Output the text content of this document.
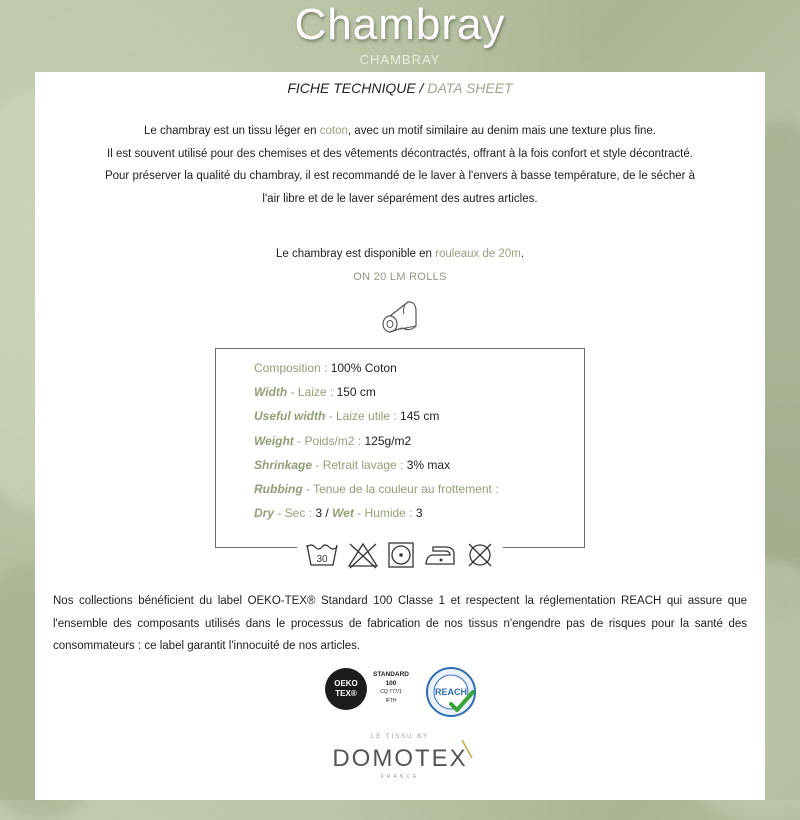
Chambray
CHAMBRAY
FICHE TECHNIQUE / DATA SHEET
Le chambray est un tissu léger en coton, avec un motif similaire au denim mais une texture plus fine.
Il est souvent utilisé pour des chemises et des vêtements décontractés, offrant à la fois confort et style décontracté.
Pour préserver la qualité du chambray, il est recommandé de le laver à l'envers à basse température, de le sécher à
l'air libre et de le laver séparément des autres articles.
Le chambray est disponible en rouleaux de 20m.
ON 20 LM ROLLS
Composition : 100% Coton
Width - Laize : 150 cm
Useful width - Laize utile : 145 cm
Weight - Poids/m2 : 125g/m2
Shrinkage - Retrait lavage : 3% max
Rubbing - Tenue de la couleur au frottement :
Dry - Sec : 3 / Wet - Humide : 3
30
Nos collections bénéficient du label OEKO-TEX® Standard 100 Classe 1 et respectent la réglementation REACH qui assure que l'ensemble des composants utilisés dans le processus de fabrication de nos tissus n'engendre pas de risques pour la santé des consommateurs : ce label garantit l'innocuité de nos articles.
OEKO
TEX®
STANDARD
100
CQ 777/1
IFTH
REACH
LE TISSU BY
DOMOTEX
FRANCE
